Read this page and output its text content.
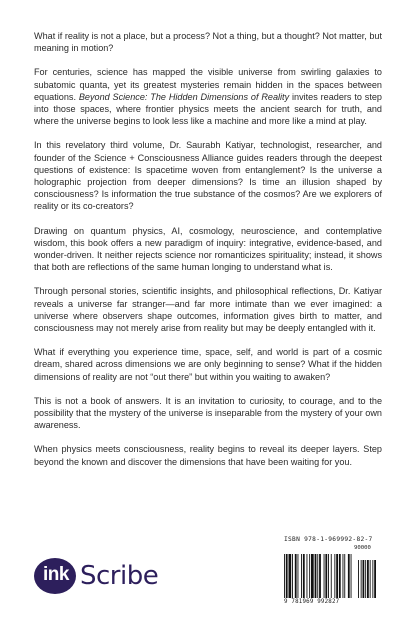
What if reality is not a place, but a process? Not a thing, but a thought? Not matter, but meaning in motion?

For centuries, science has mapped the visible universe from swirling galaxies to subatomic quanta, yet its greatest mysteries remain hidden in the spaces between equations. Beyond Science: The Hidden Dimensions of Reality invites readers to step into those spaces, where frontier physics meets the ancient search for truth, and where the universe begins to look less like a machine and more like a mind at play.

In this revelatory third volume, Dr. Saurabh Katiyar, technologist, researcher, and founder of the Science + Consciousness Alliance guides readers through the deepest questions of existence: Is spacetime woven from entanglement? Is the universe a holographic projection from deeper dimensions? Is time an illusion shaped by consciousness? Is information the true substance of the cosmos? Are we explorers of reality or its co-creators?

Drawing on quantum physics, AI, cosmology, neuroscience, and contemplative wisdom, this book offers a new paradigm of inquiry: integrative, evidence-based, and wonder-driven. It neither rejects science nor romanticizes spirituality; instead, it shows that both are reflections of the same human longing to understand what is.

Through personal stories, scientific insights, and philosophical reflections, Dr. Katiyar reveals a universe far stranger—and far more intimate than we ever imagined: a universe where observers shape outcomes, information gives birth to matter, and consciousness may not merely arise from reality but may be deeply entangled with it.

What if everything you experience time, space, self, and world is part of a cosmic dream, shared across dimensions we are only beginning to sense? What if the hidden dimensions of reality are not “out there” but within you waiting to awaken?

This is not a book of answers. It is an invitation to curiosity, to courage, and to the possibility that the mystery of the universe is inseparable from the mystery of your own awareness.

When physics meets consciousness, reality begins to reveal its deeper layers. Step beyond the known and discover the dimensions that have been waiting for you.

ink Scribe
ISBN 978-1-969992-82-7
90000
9 781969 992827
